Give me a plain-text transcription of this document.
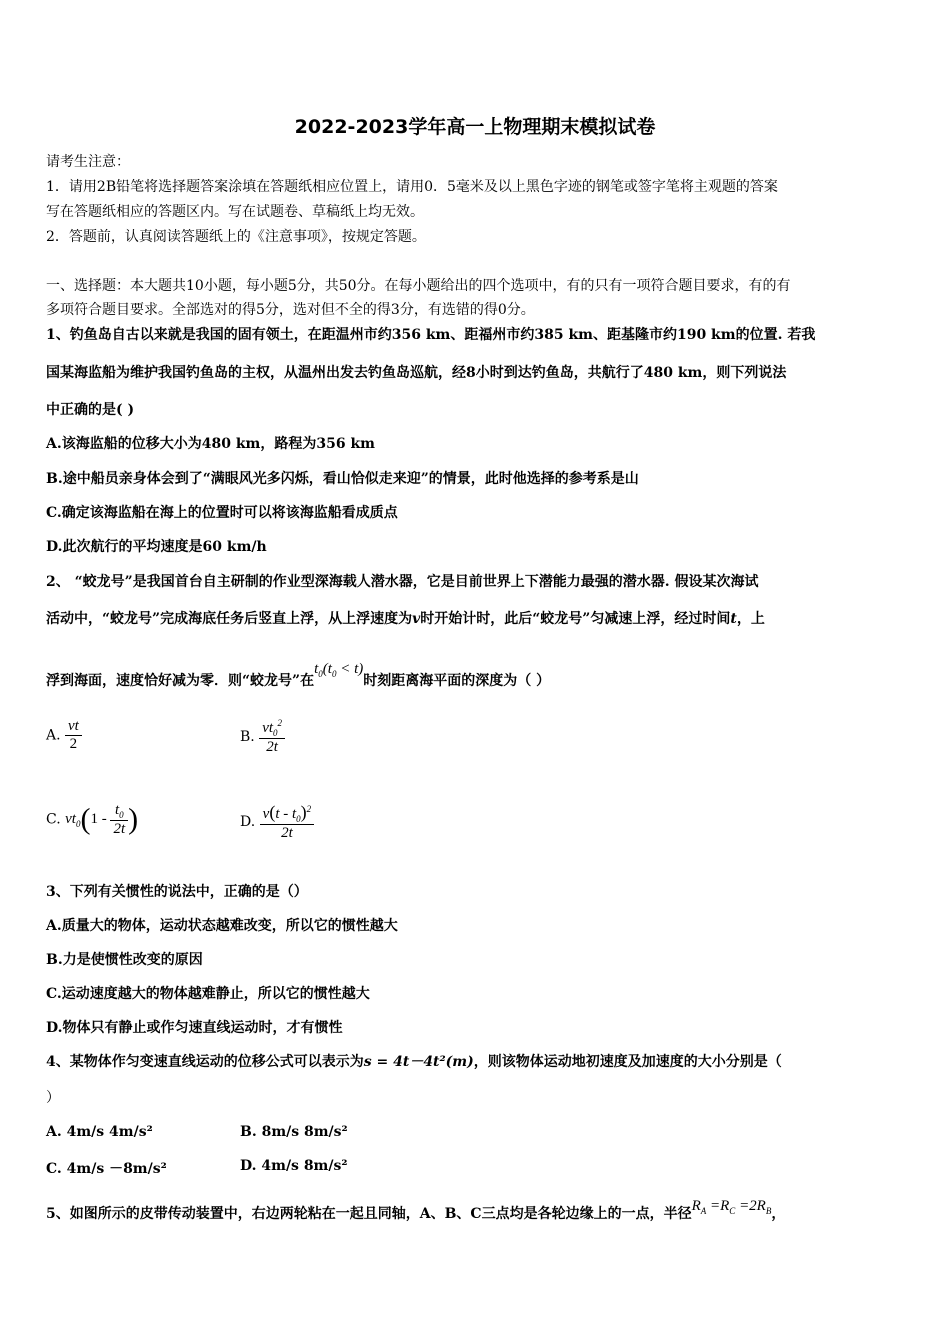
2022-2023学年高一上物理期末模拟试卷
请考生注意：
1．请用2B铅笔将选择题答案涂填在答题纸相应位置上，请用0．5毫米及以上黑色字迹的钢笔或签字笔将主观题的答案
写在答题纸相应的答题区内。写在试题卷、草稿纸上均无效。
2．答题前，认真阅读答题纸上的《注意事项》，按规定答题。
一、选择题：本大题共10小题，每小题5分，共50分。在每小题给出的四个选项中，有的只有一项符合题目要求，有的有
多项符合题目要求。全部选对的得5分，选对但不全的得3分，有选错的得0分。
1、钓鱼岛自古以来就是我国的固有领土，在距温州市约356 km、距福州市约385 km、距基隆市约190 km的位置. 若我
国某海监船为维护我国钓鱼岛的主权，从温州出发去钓鱼岛巡航，经8小时到达钓鱼岛，共航行了480 km，则下列说法
中正确的是( )
A.该海监船的位移大小为480 km，路程为356 km
B.途中船员亲身体会到了“满眼风光多闪烁，看山恰似走来迎”的情景，此时他选择的参考系是山
C.确定该海监船在海上的位置时可以将该海监船看成质点
D.此次航行的平均速度是60 km/h
2、 “蛟龙号”是我国首台自主研制的作业型深海载人潜水器，它是目前世界上下潜能力最强的潜水器. 假设某次海试
活动中，“蛟龙号”完成海底任务后竖直上浮，从上浮速度为v时开始计时，此后“蛟龙号”匀减速上浮，经过时间t，上
浮到海面，速度恰好减为零．则“蛟龙号”在$t_0(t_0 < t)$时刻距离海平面的深度为（ ）
A. $\frac{vt}{2}$	B. $\frac{vt_0^2}{2t}$
C. $vt_0(1 - \frac{t_0}{2t}$ )	D. $\frac{v(t - t_0)^2}{2t}$
3、下列有关惯性的说法中，正确的是（）
A.质量大的物体，运动状态越难改变，所以它的惯性越大
B.力是使惯性改变的原因
C.运动速度越大的物体越难静止，所以它的惯性越大
D.物体只有静止或作匀速直线运动时，才有惯性
4、某物体作匀变速直线运动的位移公式可以表示为s = 4t－4t²(m)，则该物体运动地初速度及加速度的大小分别是（
）
A. 4m/s 4m/s²	B. 8m/s 8m/s²
C. 4m/s －8m/s²	D. 4m/s 8m/s²
5、如图所示的皮带传动装置中，右边两轮粘在一起且同轴，A、B、C三点均是各轮边缘上的一点，半径$R_A =R_C =2R_B$，
